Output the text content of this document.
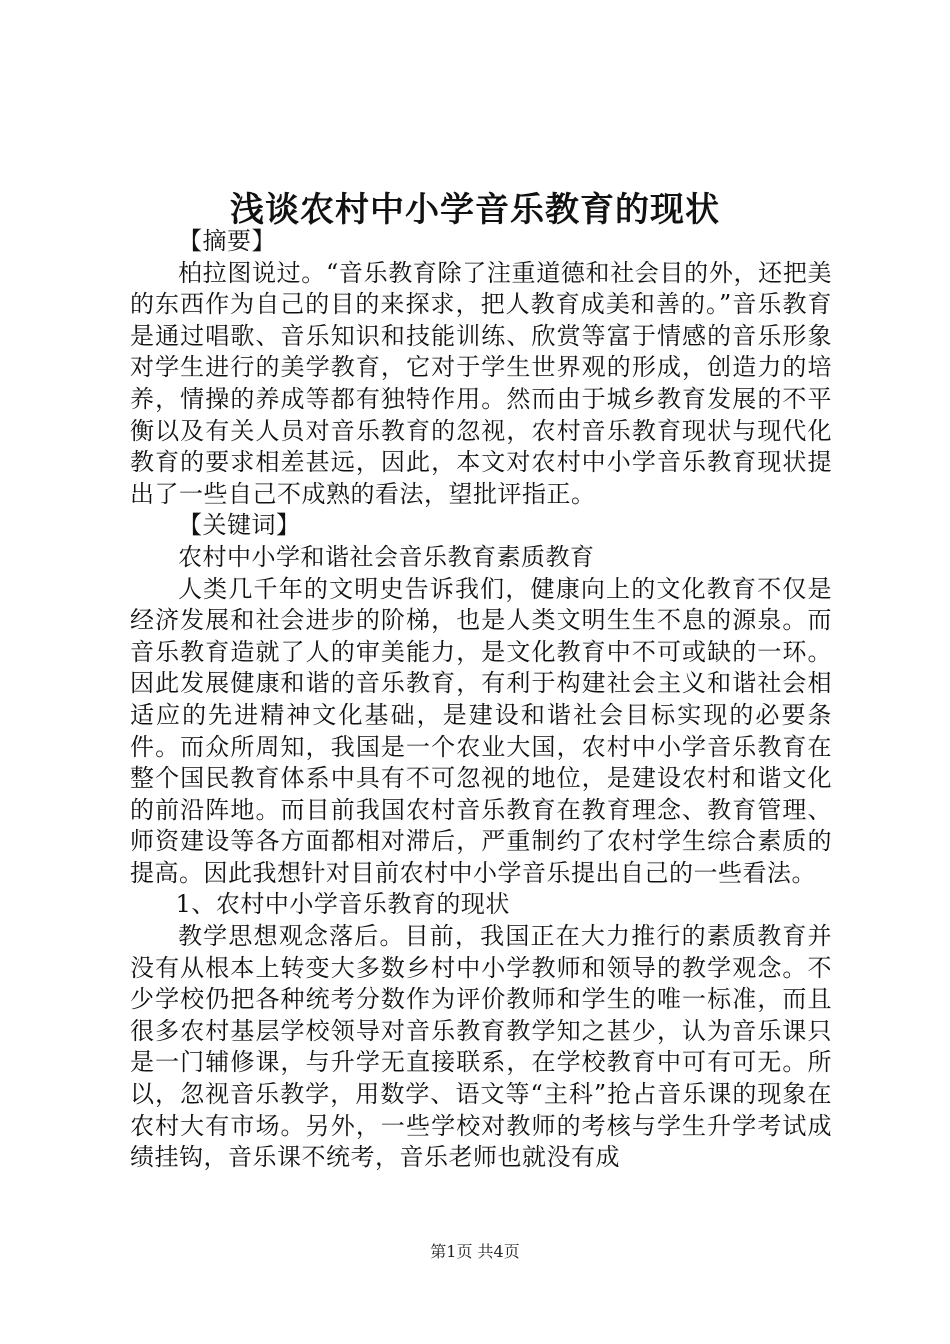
浅谈农村中小学音乐教育的现状

【摘要】

柏拉图说过。“音乐教育除了注重道德和社会目的外，还把美的东西作为自己的目的来探求，把人教育成美和善的。”音乐教育是通过唱歌、音乐知识和技能训练、欣赏等富于情感的音乐形象对学生进行的美学教育，它对于学生世界观的形成，创造力的培养，情操的养成等都有独特作用。然而由于城乡教育发展的不平衡以及有关人员对音乐教育的忽视，农村音乐教育现状与现代化教育的要求相差甚远，因此，本文对农村中小学音乐教育现状提出了一些自己不成熟的看法，望批评指正。

【关键词】

农村中小学和谐社会音乐教育素质教育

人类几千年的文明史告诉我们，健康向上的文化教育不仅是经济发展和社会进步的阶梯，也是人类文明生生不息的源泉。而音乐教育造就了人的审美能力，是文化教育中不可或缺的一环。因此发展健康和谐的音乐教育，有利于构建社会主义和谐社会相适应的先进精神文化基础，是建设和谐社会目标实现的必要条件。而众所周知，我国是一个农业大国，农村中小学音乐教育在整个国民教育体系中具有不可忽视的地位，是建设农村和谐文化的前沿阵地。而目前我国农村音乐教育在教育理念、教育管理、师资建设等各方面都相对滞后，严重制约了农村学生综合素质的提高。因此我想针对目前农村中小学音乐提出自己的一些看法。

1、农村中小学音乐教育的现状

教学思想观念落后。目前，我国正在大力推行的素质教育并没有从根本上转变大多数乡村中小学教师和领导的教学观念。不少学校仍把各种统考分数作为评价教师和学生的唯一标准，而且很多农村基层学校领导对音乐教育教学知之甚少，认为音乐课只是一门辅修课，与升学无直接联系，在学校教育中可有可无。所以，忽视音乐教学，用数学、语文等“主科”抢占音乐课的现象在农村大有市场。另外，一些学校对教师的考核与学生升学考试成绩挂钩，音乐课不统考，音乐老师也就没有成

第1页 共4页
